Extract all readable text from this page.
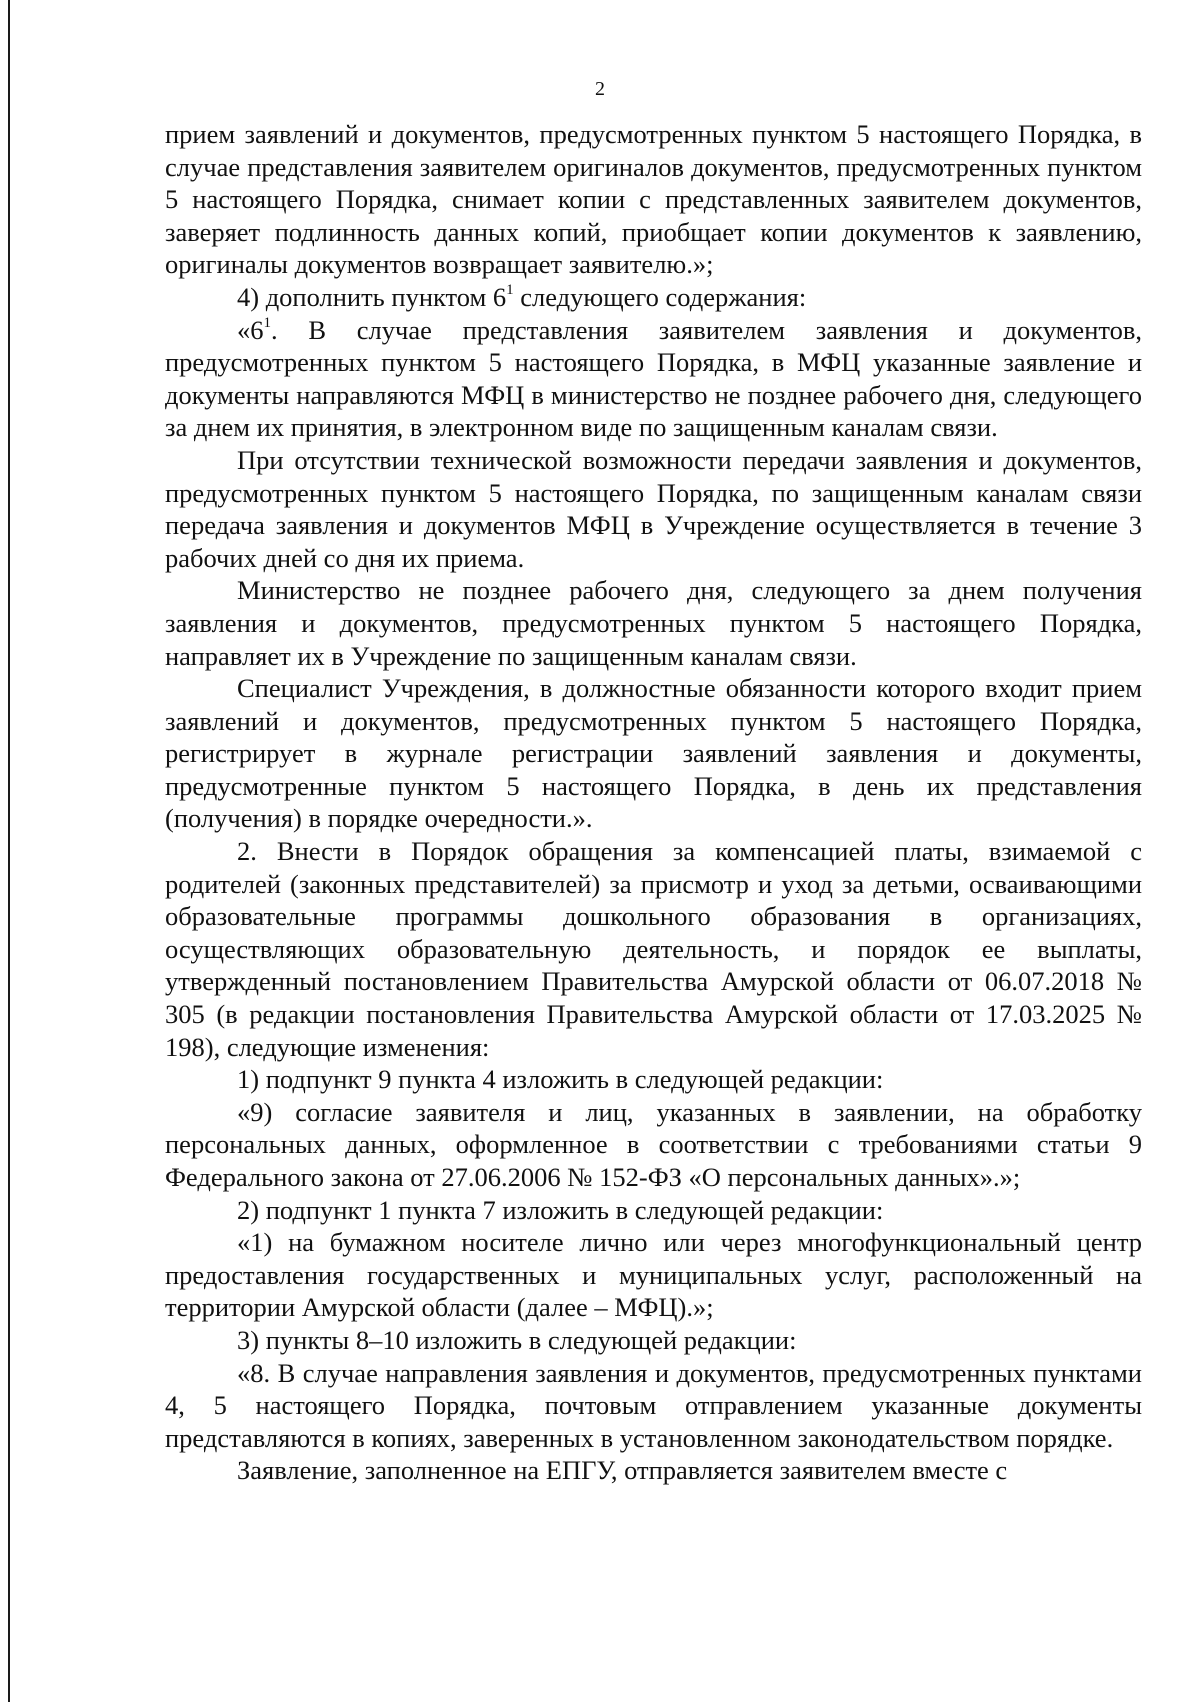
2

прием заявлений и документов, предусмотренных пунктом 5 настоящего Порядка, в случае представления заявителем оригиналов документов, предусмотренных пунктом 5 настоящего Порядка, снимает копии с представленных заявителем документов, заверяет подлинность данных копий, приобщает копии документов к заявлению, оригиналы документов возвращает заявителю.»;

4) дополнить пунктом $6^1$ следующего содержания:

«$6^1$. В случае представления заявителем заявления и документов, предусмотренных пунктом 5 настоящего Порядка, в МФЦ указанные заявление и документы направляются МФЦ в министерство не позднее рабочего дня, следующего за днем их принятия, в электронном виде по защищенным каналам связи.

При отсутствии технической возможности передачи заявления и документов, предусмотренных пунктом 5 настоящего Порядка, по защищенным каналам связи передача заявления и документов МФЦ в Учреждение осуществляется в течение 3 рабочих дней со дня их приема.

Министерство не позднее рабочего дня, следующего за днем получения заявления и документов, предусмотренных пунктом 5 настоящего Порядка, направляет их в Учреждение по защищенным каналам связи.

Специалист Учреждения, в должностные обязанности которого входит прием заявлений и документов, предусмотренных пунктом 5 настоящего Порядка, регистрирует в журнале регистрации заявлений заявления и документы, предусмотренные пунктом 5 настоящего Порядка, в день их представления (получения) в порядке очередности.».

2. Внести в Порядок обращения за компенсацией платы, взимаемой с родителей (законных представителей) за присмотр и уход за детьми, осваивающими образовательные программы дошкольного образования в организациях, осуществляющих образовательную деятельность, и порядок ее выплаты, утвержденный постановлением Правительства Амурской области от 06.07.2018 № 305 (в редакции постановления Правительства Амурской области от 17.03.2025 № 198), следующие изменения:

1) подпункт 9 пункта 4 изложить в следующей редакции:

«9) согласие заявителя и лиц, указанных в заявлении, на обработку персональных данных, оформленное в соответствии с требованиями статьи 9 Федерального закона от 27.06.2006 № 152-ФЗ «О персональных данных».»;

2) подпункт 1 пункта 7 изложить в следующей редакции:

«1) на бумажном носителе лично или через многофункциональный центр предоставления государственных и муниципальных услуг, расположенный на территории Амурской области (далее – МФЦ).»;

3) пункты 8–10 изложить в следующей редакции:

«8. В случае направления заявления и документов, предусмотренных пунктами 4, 5 настоящего Порядка, почтовым отправлением указанные документы представляются в копиях, заверенных в установленном законодательством порядке.

Заявление, заполненное на ЕПГУ, отправляется заявителем вместе с
